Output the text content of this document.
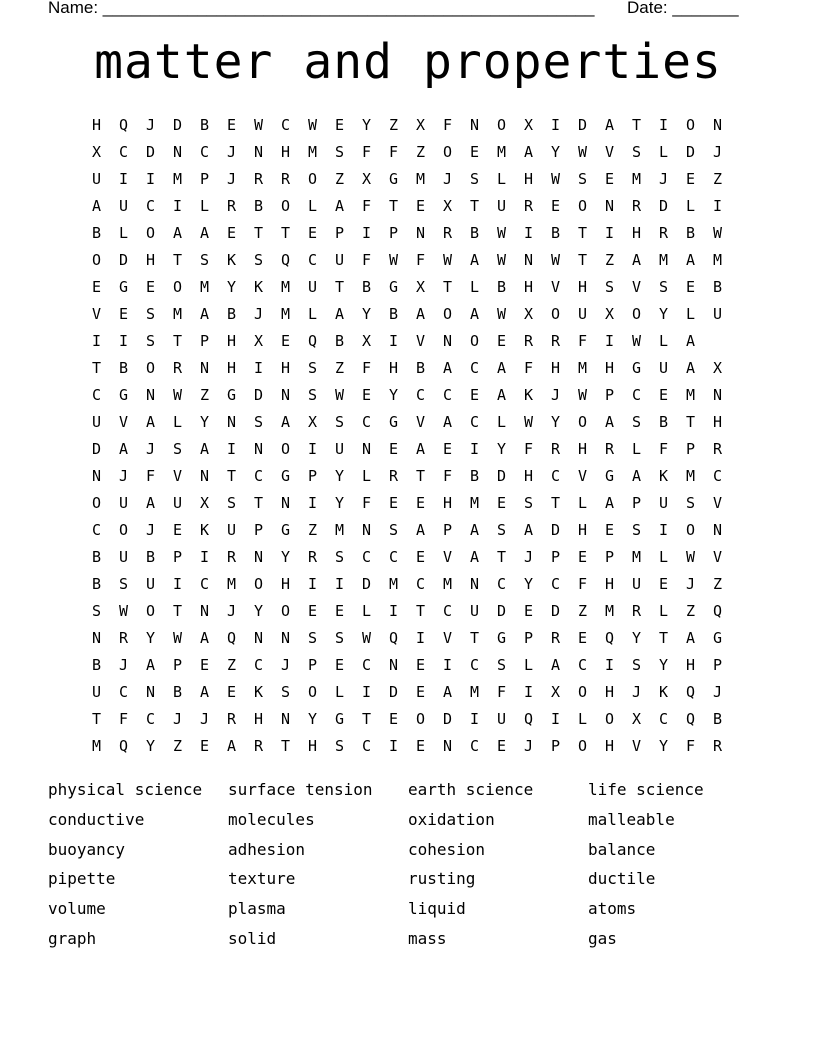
Name: ____________________________________________________ Date: _______
matter and properties
H	Q	J	D	B	E	W	C	W	E	Y	Z	X	F	N	O	X	I	D	A	T	I	O	N
X	C	D	N	C	J	N	H	M	S	F	F	Z	O	E	M	A	Y	W	V	S	L	D	J
U	I	I	M	P	J	R	R	O	Z	X	G	M	J	S	L	H	W	S	E	M	J	E	Z
A	U	C	I	L	R	B	O	L	A	F	T	E	X	T	U	R	E	O	N	R	D	L	I
B	L	O	A	A	E	T	T	E	P	I	P	N	R	B	W	I	B	T	I	H	R	B	W
O	D	H	T	S	K	S	Q	C	U	F	W	F	W	A	W	N	W	T	Z	A	M	A	M
E	G	E	O	M	Y	K	M	U	T	B	G	X	T	L	B	H	V	H	S	V	S	E	B
V	E	S	M	A	B	J	M	L	A	Y	B	A	O	A	W	X	O	U	X	O	Y	L	U
I	I	S	T	P	H	X	E	Q	B	X	I	V	N	O	E	R	R	F	I	W	L	A
T	B	O	R	N	H	I	H	S	Z	F	H	B	A	C	A	F	H	M	H	G	U	A	X
C	G	N	W	Z	G	D	N	S	W	E	Y	C	C	E	A	K	J	W	P	C	E	M	N
U	V	A	L	Y	N	S	A	X	S	C	G	V	A	C	L	W	Y	O	A	S	B	T	H
D	A	J	S	A	I	N	O	I	U	N	E	A	E	I	Y	F	R	H	R	L	F	P	R
N	J	F	V	N	T	C	G	P	Y	L	R	T	F	B	D	H	C	V	G	A	K	M	C
O	U	A	U	X	S	T	N	I	Y	F	E	E	H	M	E	S	T	L	A	P	U	S	V
C	O	J	E	K	U	P	G	Z	M	N	S	A	P	A	S	A	D	H	E	S	I	O	N
B	U	B	P	I	R	N	Y	R	S	C	C	E	V	A	T	J	P	E	P	M	L	W	V
B	S	U	I	C	M	O	H	I	I	D	M	C	M	N	C	Y	C	F	H	U	E	J	Z
S	W	O	T	N	J	Y	O	E	E	L	I	T	C	U	D	E	D	Z	M	R	L	Z	Q
N	R	Y	W	A	Q	N	N	S	S	W	Q	I	V	T	G	P	R	E	Q	Y	T	A	G
B	J	A	P	E	Z	C	J	P	E	C	N	E	I	C	S	L	A	C	I	S	Y	H	P
U	C	N	B	A	E	K	S	O	L	I	D	E	A	M	F	I	X	O	H	J	K	Q	J
T	F	C	J	J	R	H	N	Y	G	T	E	O	D	I	U	Q	I	L	O	X	C	Q	B
M	Q	Y	Z	E	A	R	T	H	S	C	I	E	N	C	E	J	P	O	H	V	Y	F	R
physical science	surface tension	earth science	life science
conductive	molecules	oxidation	malleable
buoyancy	adhesion	cohesion	balance
pipette	texture	rusting	ductile
volume	plasma	liquid	atoms
graph	solid	mass	gas
